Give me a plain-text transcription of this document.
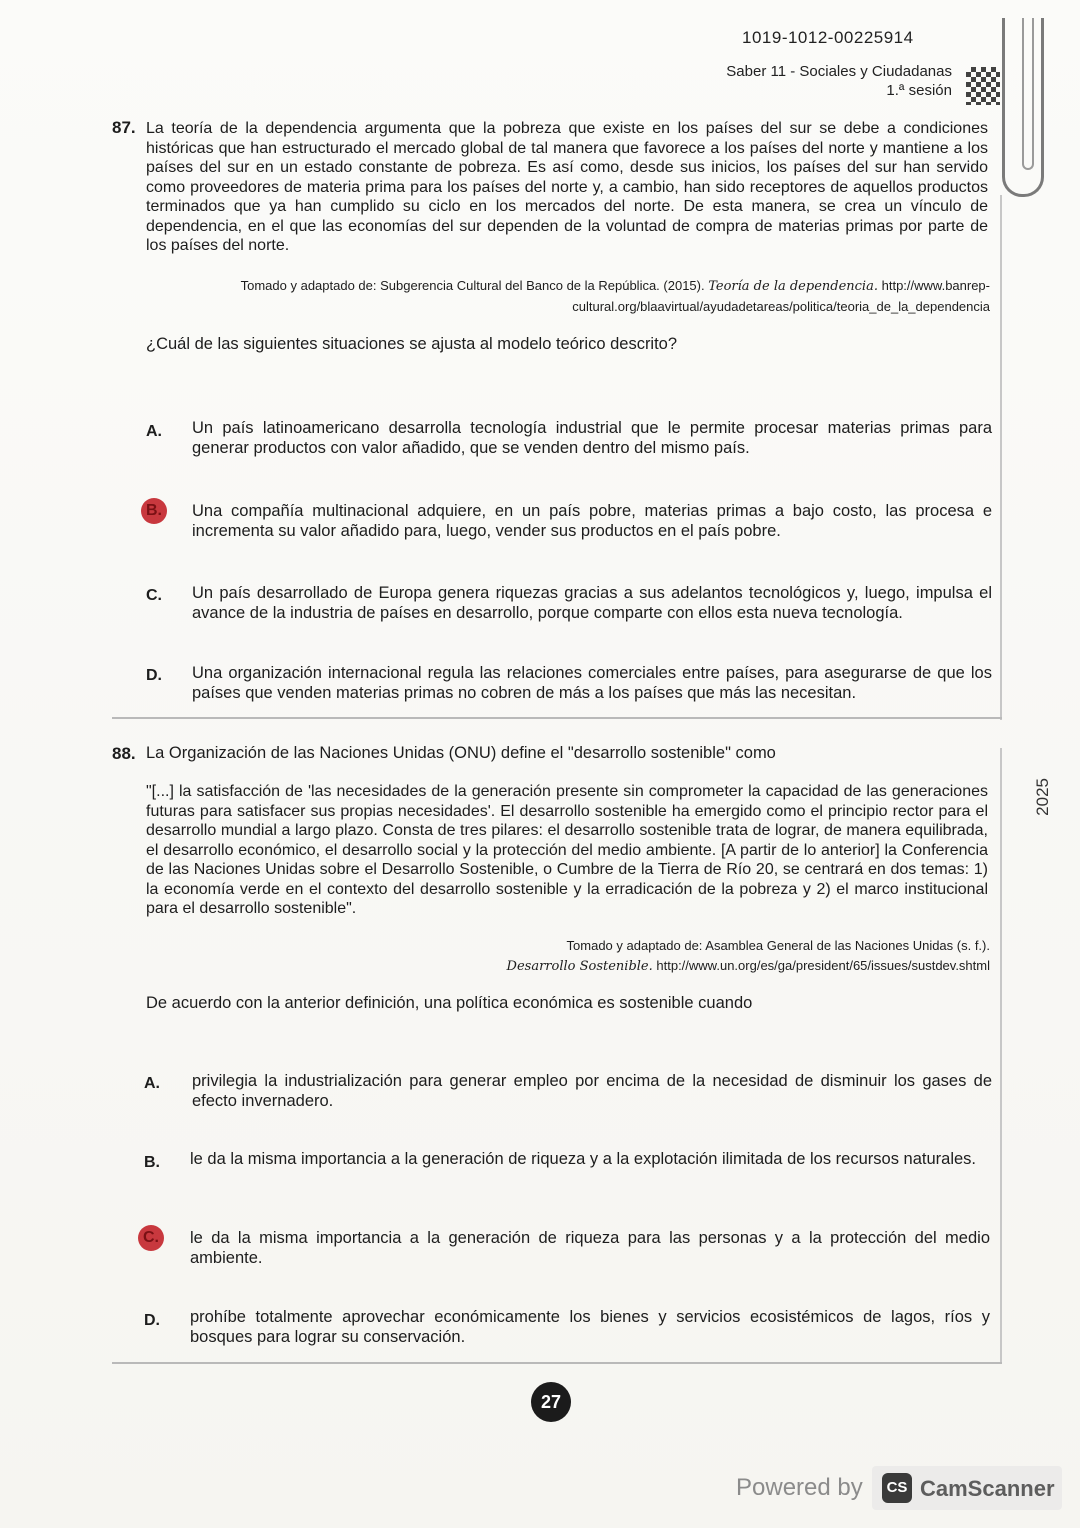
1019-1012-00225914
Saber 11 - Sociales y Ciudadanas
1.ª sesión
87. La teoría de la dependencia argumenta que la pobreza que existe en los países del sur se debe a condiciones históricas que han estructurado el mercado global de tal manera que favorece a los países del norte y mantiene a los países del sur en un estado constante de pobreza. Es así como, desde sus inicios, los países del sur han servido como proveedores de materia prima para los países del norte y, a cambio, han sido receptores de aquellos productos terminados que ya han cumplido su ciclo en los mercados del norte. De esta manera, se crea un vínculo de dependencia, en el que las economías del sur dependen de la voluntad de compra de materias primas por parte de los países del norte.
Tomado y adaptado de: Subgerencia Cultural del Banco de la República. (2015). Teoría de la dependencia. http://www.banrep-
cultural.org/blaavirtual/ayudadetareas/politica/teoria_de_la_dependencia
¿Cuál de las siguientes situaciones se ajusta al modelo teórico descrito?
A.	Un país latinoamericano desarrolla tecnología industrial que le permite procesar materias primas para generar productos con valor añadido, que se venden dentro del mismo país.
B.	Una compañía multinacional adquiere, en un país pobre, materias primas a bajo costo, las procesa e incrementa su valor añadido para, luego, vender sus productos en el país pobre.
C.	Un país desarrollado de Europa genera riquezas gracias a sus adelantos tecnológicos y, luego, impulsa el avance de la industria de países en desarrollo, porque comparte con ellos esta nueva tecnología.
D.	Una organización internacional regula las relaciones comerciales entre países, para asegurarse de que los países que venden materias primas no cobren de más a los países que más las necesitan.
88. La Organización de las Naciones Unidas (ONU) define el "desarrollo sostenible" como
"[...] la satisfacción de 'las necesidades de la generación presente sin comprometer la capacidad de las generaciones futuras para satisfacer sus propias necesidades'. El desarrollo sostenible ha emergido como el principio rector para el desarrollo mundial a largo plazo. Consta de tres pilares: el desarrollo sostenible trata de lograr, de manera equilibrada, el desarrollo económico, el desarrollo social y la protección del medio ambiente. [A partir de lo anterior] la Conferencia de las Naciones Unidas sobre el Desarrollo Sostenible, o Cumbre de la Tierra de Río 20, se centrará en dos temas: 1) la economía verde en el contexto del desarrollo sostenible y la erradicación de la pobreza y 2) el marco institucional para el desarrollo sostenible".
Tomado y adaptado de: Asamblea General de las Naciones Unidas (s. f.).
Desarrollo Sostenible. http://www.un.org/es/ga/president/65/issues/sustdev.shtml
De acuerdo con la anterior definición, una política económica es sostenible cuando
A.	privilegia la industrialización para generar empleo por encima de la necesidad de disminuir los gases de efecto invernadero.
B.	le da la misma importancia a la generación de riqueza y a la explotación ilimitada de los recursos naturales.
C.	le da la misma importancia a la generación de riqueza para las personas y a la protección del medio ambiente.
D.	prohíbe totalmente aprovechar económicamente los bienes y servicios ecosistémicos de lagos, ríos y bosques para lograr su conservación.
2025
27
Powered by	CS CamScanner
